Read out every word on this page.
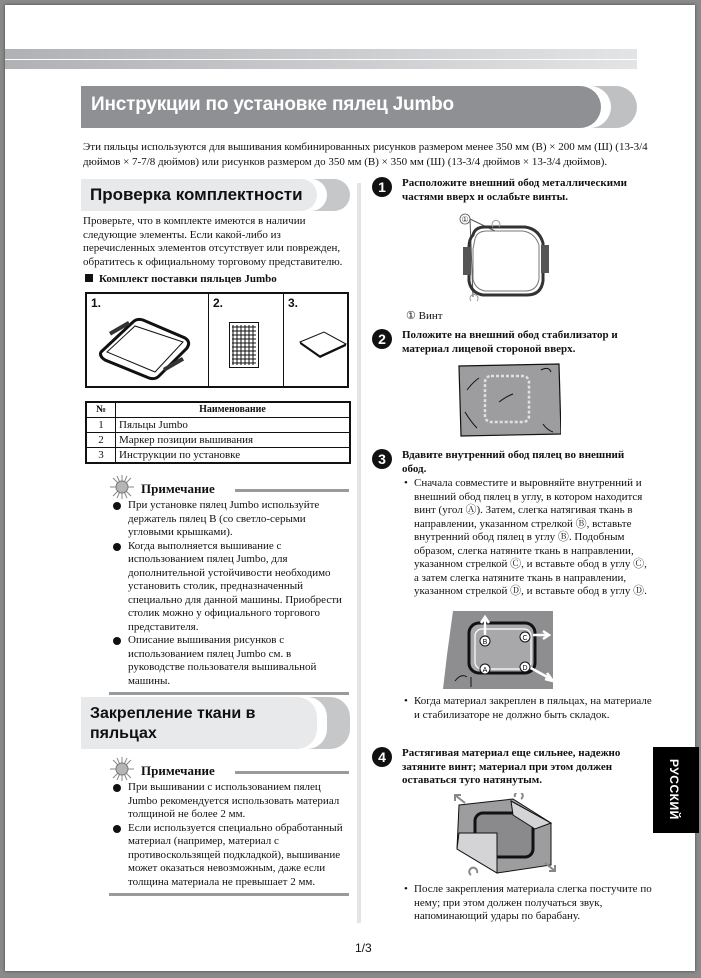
Инструкции по установке пялец Jumbo
Эти пяльцы используются для вышивания комбинированных рисунков размером менее 350 мм (В) × 200 мм (Ш) (13-3/4 дюймов × 7-7/8 дюймов) или рисунков размером до 350 мм (В) × 350 мм (Ш) (13-3/4 дюймов × 13-3/4 дюймов).
Проверка комплектности
Проверьте, что в комплекте имеются в наличии следующие элементы. Если какой-либо из перечисленных элементов отсутствует или поврежден, обратитесь к официальному торговому представителю.
Комплект поставки пяльцев Jumbo
1.	2.	3.
№	Наименование
1	Пяльцы Jumbo
2	Маркер позиции вышивания
3	Инструкции по установке
Примечание
При установке пялец Jumbo используйте держатель пялец B (со светло-серыми угловыми крышками).
Когда выполняется вышивание с использованием пялец Jumbo, для дополнительной устойчивости необходимо установить столик, предназначенный специально для данной машины. Приобрести столик можно у официального торгового представителя.
Описание вышивания рисунков с использованием пялец Jumbo см. в руководстве пользователя вышивальной машины.
Закрепление ткани в
пяльцах
Примечание
При вышивании с использованием пялец Jumbo рекомендуется использовать материал толщиной не более 2 мм.
Если используется специально обработанный материал (например, материал с противоскользящей подкладкой), вышивание может оказаться невозможным, даже если толщина материала не превышает 2 мм.
1	Расположите внешний обод металлическими частями вверх и ослабьте винты.
①
① Винт
2	Положите на внешний обод стабилизатор и материал лицевой стороной вверх.
3	Вдавите внутренний обод пялец во внешний обод.
• Сначала совместите и выровняйте внутренний и внешний обод пялец в углу, в котором находится винт (угол Ⓐ). Затем, слегка натягивая ткань в направлении, указанном стрелкой Ⓑ, вставьте внутренний обод пялец в углу Ⓑ. Подобным образом, слегка натяните ткань в направлении, указанном стрелкой Ⓒ, и вставьте обод в углу Ⓒ, а затем слегка натяните ткань в направлении, указанном стрелкой Ⓓ, и вставьте обод в углу Ⓓ.
B
C
A	D
• Когда материал закреплен в пяльцах, на материале и стабилизаторе не должно быть складок.
4	Растягивая материал еще сильнее, надежно затяните винт; материал при этом должен оставаться туго натянутым.
• После закрепления материала слегка постучите по нему; при этом должен получаться звук, напоминающий удары по барабану.
РУССКИЙ
1/3
